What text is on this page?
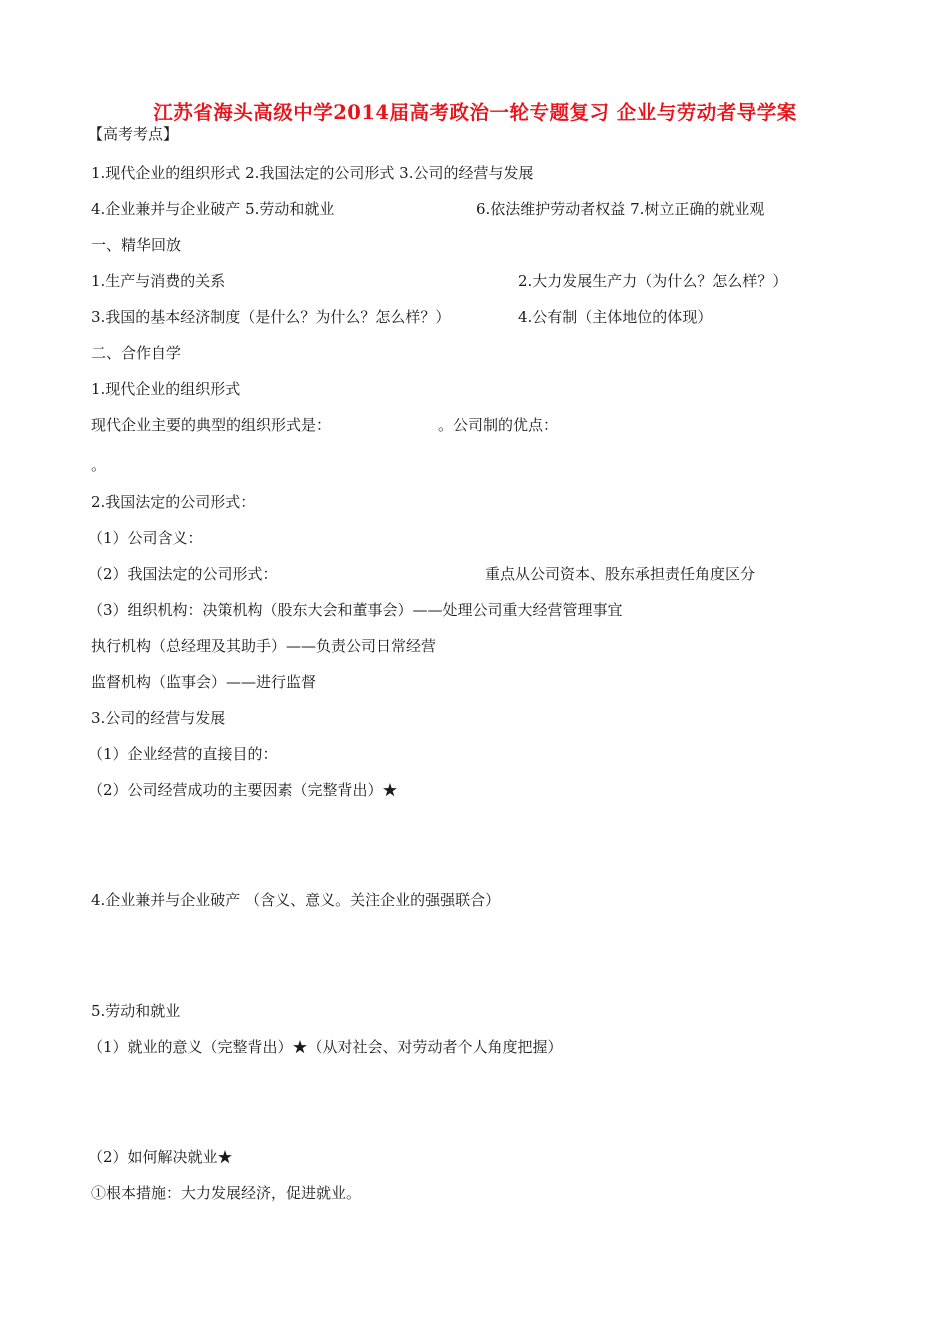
江苏省海头高级中学2014届高考政治一轮专题复习 企业与劳动者导学案
【高考考点】
1.现代企业的组织形式 2.我国法定的公司形式 3.公司的经营与发展
4.企业兼并与企业破产 5.劳动和就业	6.依法维护劳动者权益 7.树立正确的就业观
一、精华回放
1.生产与消费的关系	2.大力发展生产力（为什么？怎么样？）
3.我国的基本经济制度（是什么？为什么？怎么样？）	4.公有制（主体地位的体现）
二、合作自学
1.现代企业的组织形式
现代企业主要的典型的组织形式是：	。公司制的优点：
。
2.我国法定的公司形式：
（1）公司含义：
（2）我国法定的公司形式：	重点从公司资本、股东承担责任角度区分
（3）组织机构：决策机构（股东大会和董事会）——处理公司重大经营管理事宜
执行机构（总经理及其助手）——负责公司日常经营
监督机构（监事会）——进行监督
3.公司的经营与发展
（1）企业经营的直接目的：
（2）公司经营成功的主要因素（完整背出）★
4.企业兼并与企业破产 （含义、意义。关注企业的强强联合）
5.劳动和就业
（1）就业的意义（完整背出）★（从对社会、对劳动者个人角度把握）
（2）如何解决就业★
①根本措施：大力发展经济，促进就业。
